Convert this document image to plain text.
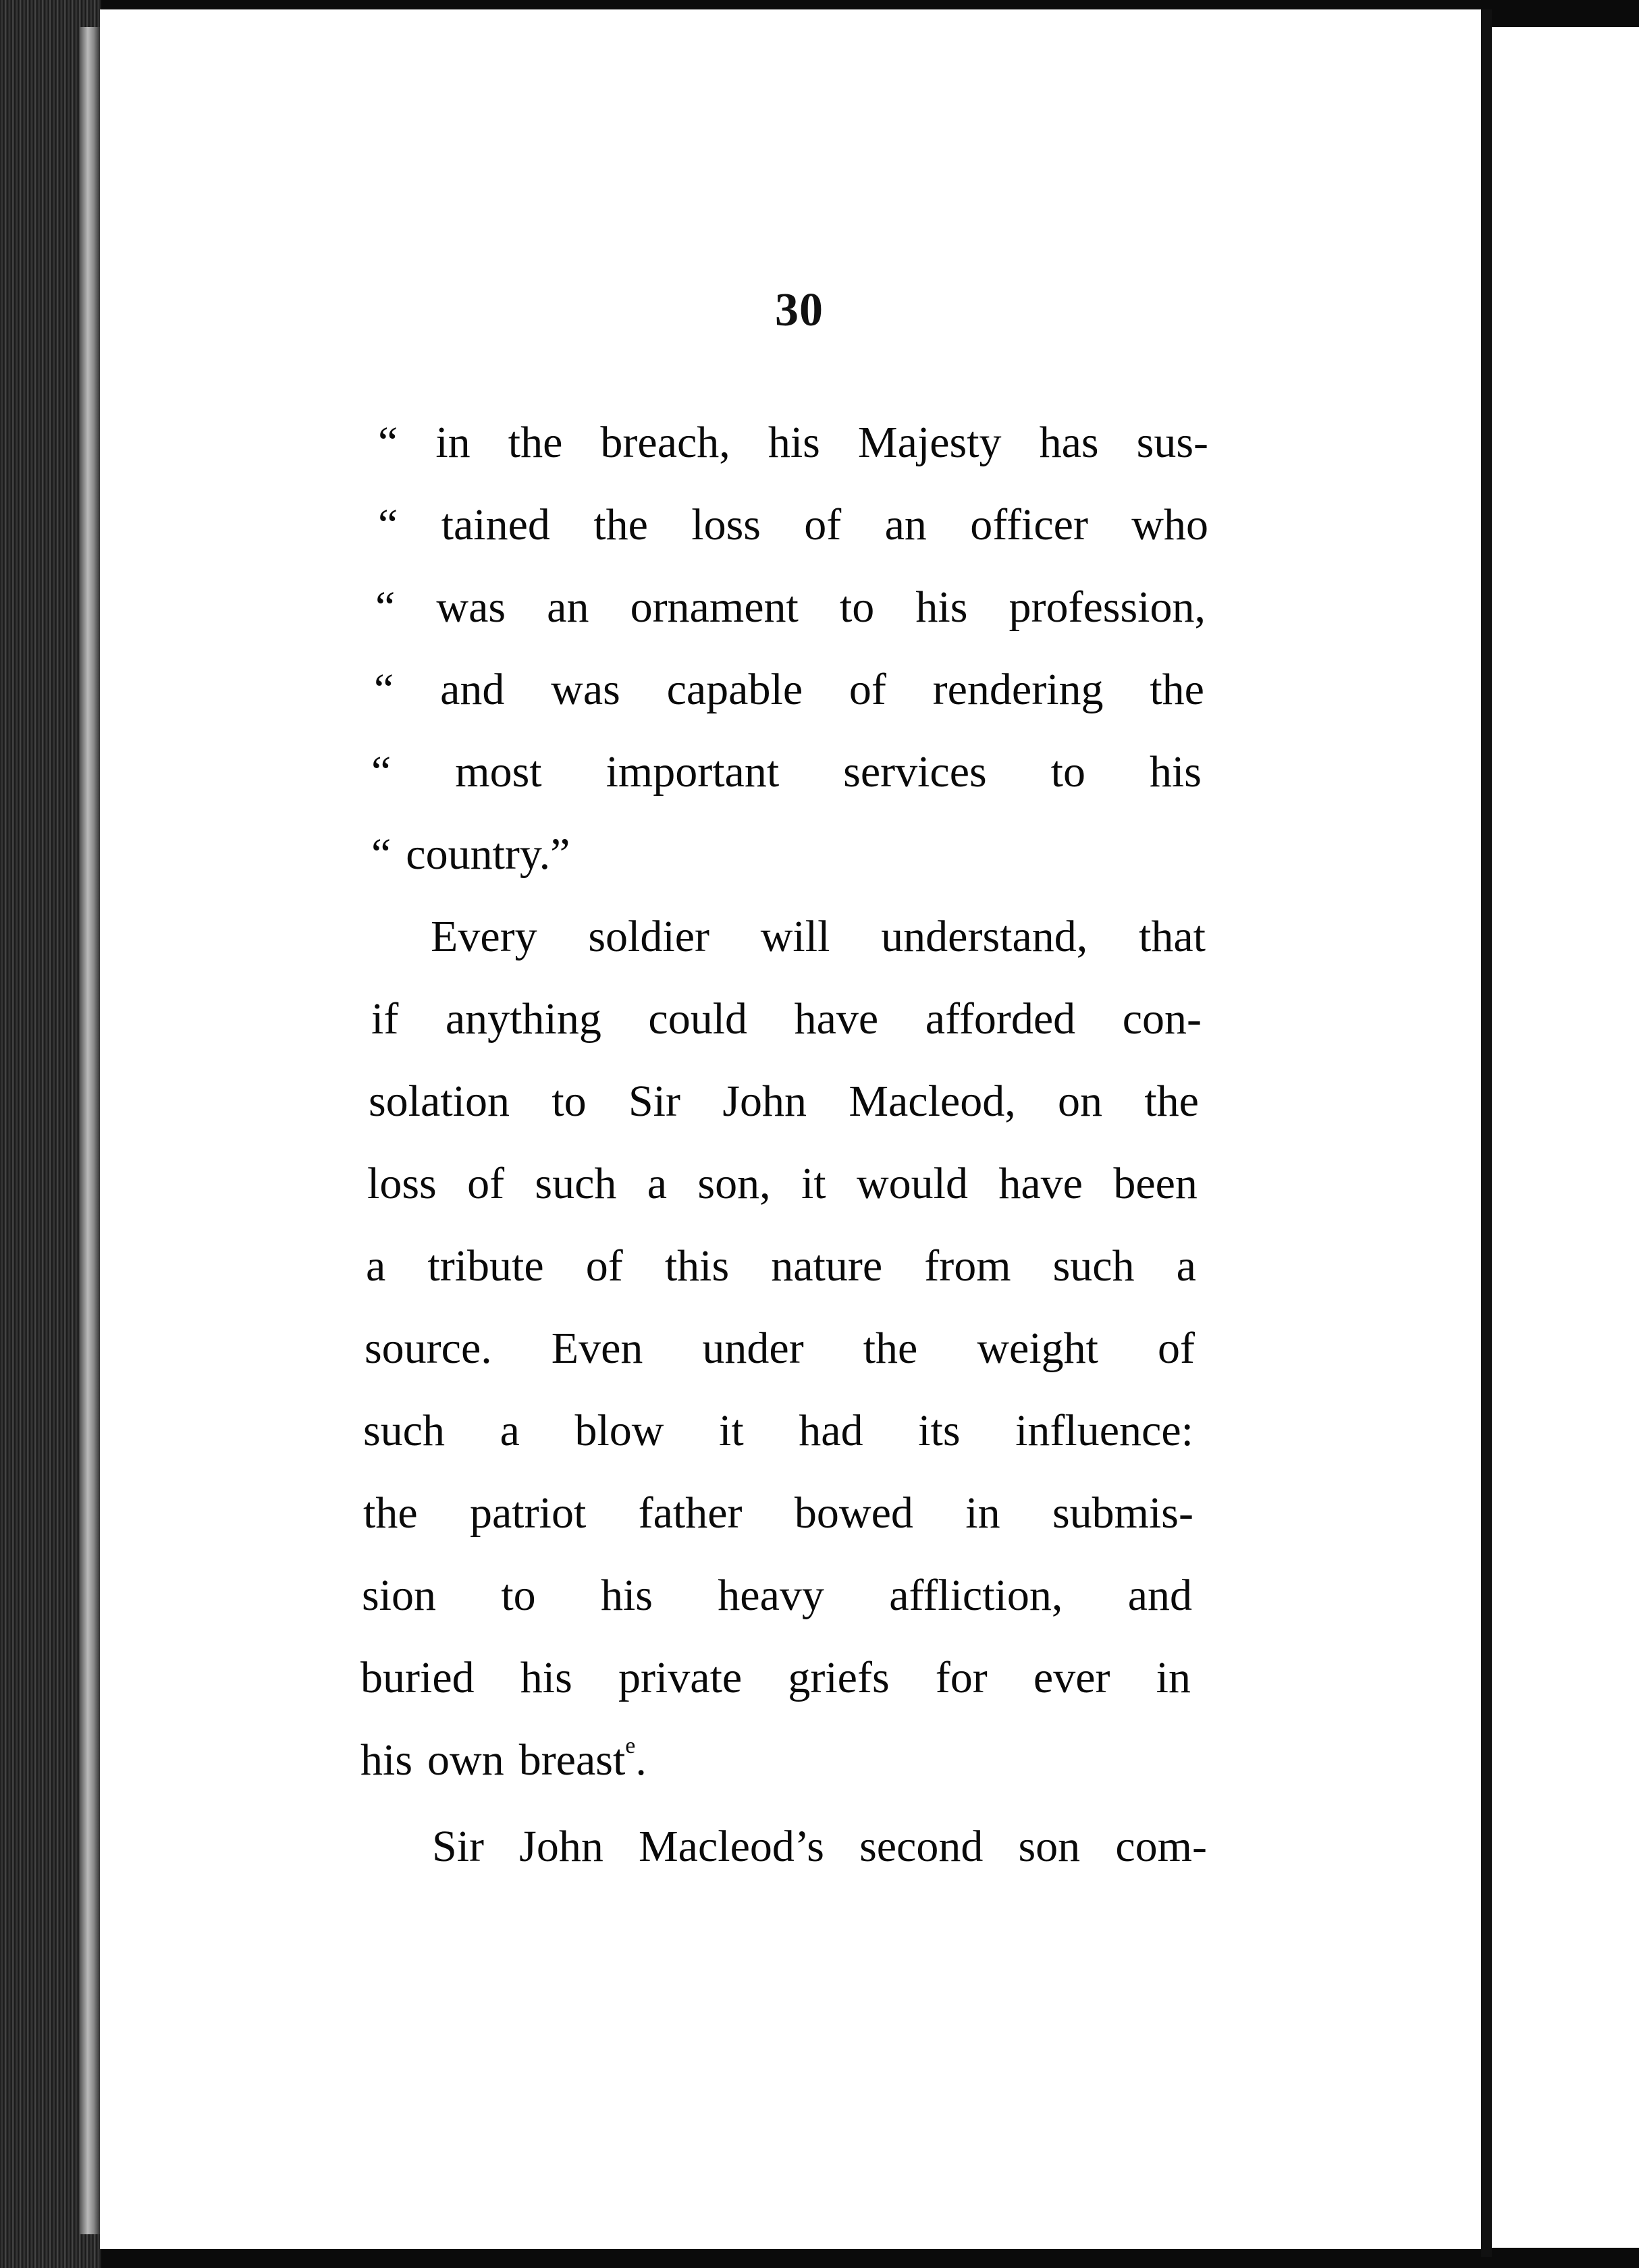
30
“ in the breach, his Majesty has sus-
“ tained the loss of an officer who
“ was an ornament to his profession,
“ and was capable of rendering the
“ most important services to his
“ country.”
Every soldier will understand, that
if anything could have afforded con-
solation to Sir John Macleod, on the
loss of such a son, it would have been
a tribute of this nature from such a
source. Even under the weight of
such a blow it had its influence:
the patriot father bowed in submis-
sion to his heavy affliction, and
buried his private griefs for ever in
his own breast$^e$.
Sir John Macleod’s second son com-
